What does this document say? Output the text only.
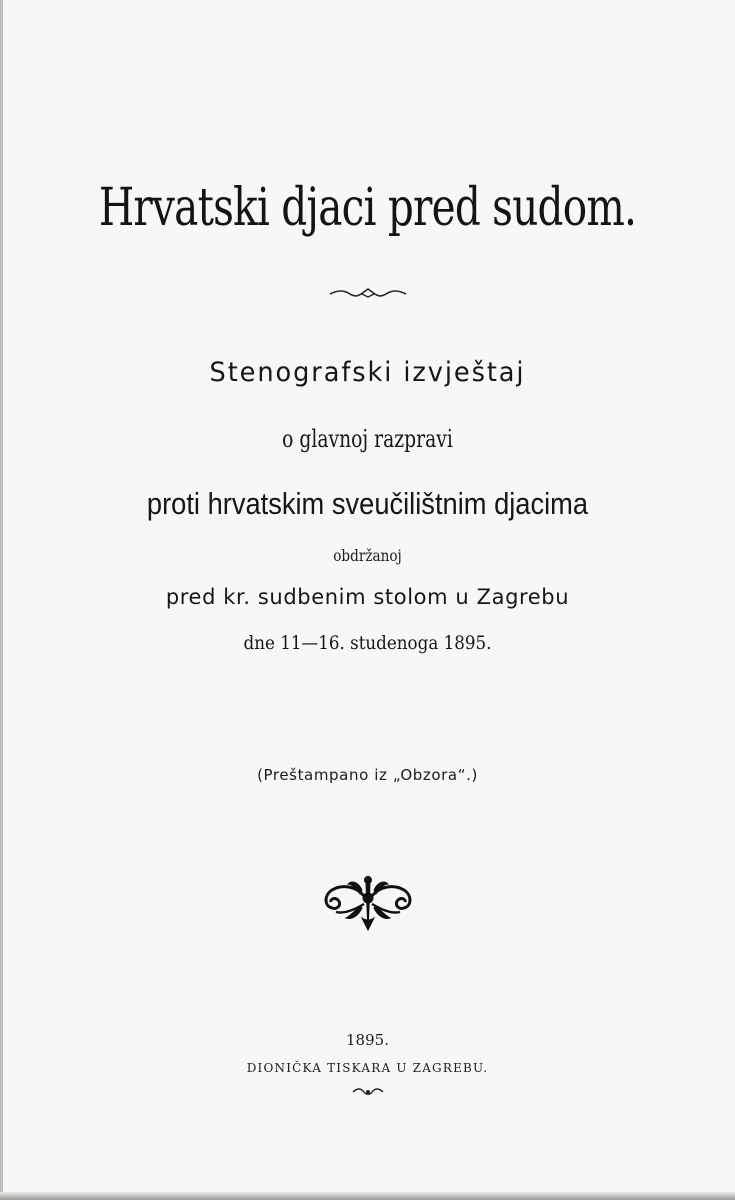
Hrvatski djaci pred sudom.
Stenografski izvještaj
o glavnoj razpravi
proti hrvatskim sveučilištnim djacima
obdržanoj
pred kr. sudbenim stolom u Zagrebu
dne 11—16. studenoga 1895.
(Preštampano iz „Obzora“.)
1895.
DIONIČKA TISKARA U ZAGREBU.
